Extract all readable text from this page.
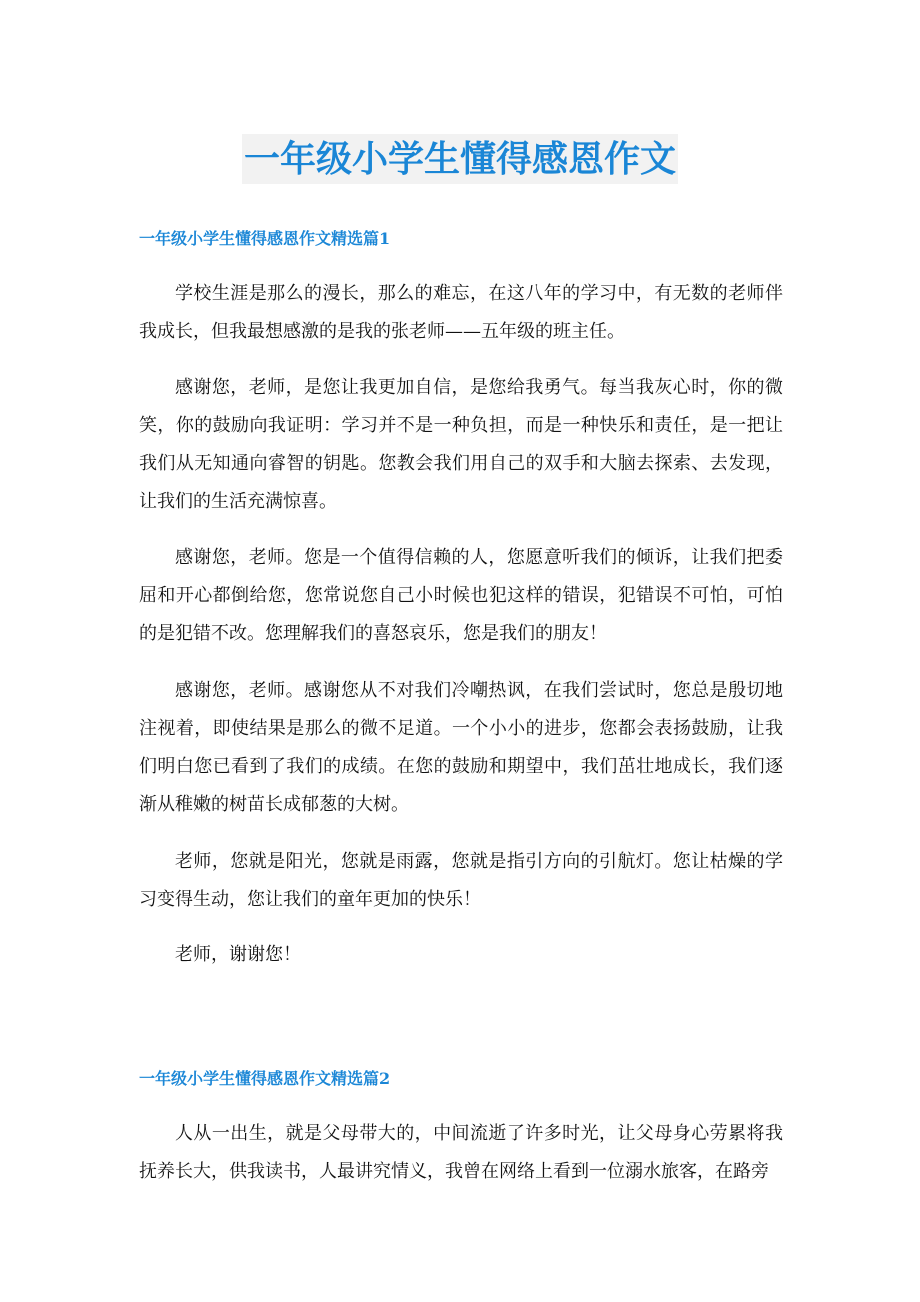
一年级小学生懂得感恩作文
一年级小学生懂得感恩作文精选篇1

学校生涯是那么的漫长，那么的难忘，在这八年的学习中，有无数的老师伴我成长，但我最想感激的是我的张老师——五年级的班主任。

感谢您，老师，是您让我更加自信，是您给我勇气。每当我灰心时，你的微笑，你的鼓励向我证明：学习并不是一种负担，而是一种快乐和责任，是一把让我们从无知通向睿智的钥匙。您教会我们用自己的双手和大脑去探索、去发现，让我们的生活充满惊喜。

感谢您，老师。您是一个值得信赖的人，您愿意听我们的倾诉，让我们把委屈和开心都倒给您，您常说您自己小时候也犯这样的错误，犯错误不可怕，可怕的是犯错不改。您理解我们的喜怒哀乐，您是我们的朋友！

感谢您，老师。感谢您从不对我们冷嘲热讽，在我们尝试时，您总是殷切地注视着，即使结果是那么的微不足道。一个小小的进步，您都会表扬鼓励，让我们明白您已看到了我们的成绩。在您的鼓励和期望中，我们茁壮地成长，我们逐渐从稚嫩的树苗长成郁葱的大树。

老师，您就是阳光，您就是雨露，您就是指引方向的引航灯。您让枯燥的学习变得生动，您让我们的童年更加的快乐！

老师，谢谢您！

一年级小学生懂得感恩作文精选篇2

人从一出生，就是父母带大的，中间流逝了许多时光，让父母身心劳累将我抚养长大，供我读书，人最讲究情义，我曾在网络上看到一位溺水旅客，在路旁
